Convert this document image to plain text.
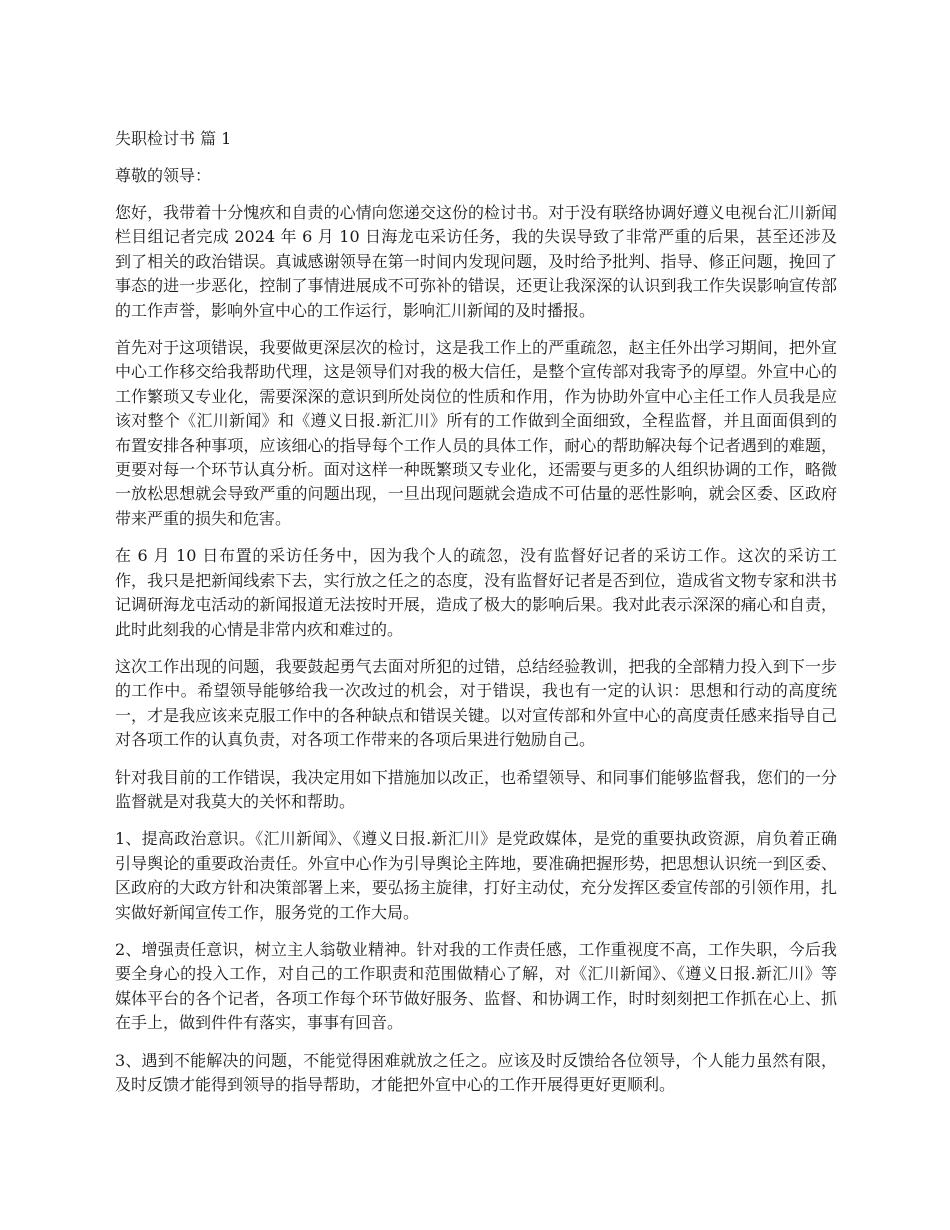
失职检讨书 篇 1

尊敬的领导：

您好，我带着十分愧疚和自责的心情向您递交这份的检讨书。对于没有联络协调好遵义电视台汇川新闻栏目组记者完成 2024 年 6 月 10 日海龙屯采访任务，我的失误导致了非常严重的后果，甚至还涉及到了相关的政治错误。真诚感谢领导在第一时间内发现问题，及时给予批判、指导、修正问题，挽回了事态的进一步恶化，控制了事情进展成不可弥补的错误，还更让我深深的认识到我工作失误影响宣传部的工作声誉，影响外宣中心的工作运行，影响汇川新闻的及时播报。

首先对于这项错误，我要做更深层次的检讨，这是我工作上的严重疏忽，赵主任外出学习期间，把外宣中心工作移交给我帮助代理，这是领导们对我的极大信任，是整个宣传部对我寄予的厚望。外宣中心的工作繁琐又专业化，需要深深的意识到所处岗位的性质和作用，作为协助外宣中心主任工作人员我是应该对整个《汇川新闻》和《遵义日报.新汇川》所有的工作做到全面细致，全程监督，并且面面俱到的布置安排各种事项，应该细心的指导每个工作人员的具体工作，耐心的帮助解决每个记者遇到的难题，更要对每一个环节认真分析。面对这样一种既繁琐又专业化，还需要与更多的人组织协调的工作，略微一放松思想就会导致严重的问题出现，一旦出现问题就会造成不可估量的恶性影响，就会区委、区政府带来严重的损失和危害。

在 6 月 10 日布置的采访任务中，因为我个人的疏忽，没有监督好记者的采访工作。这次的采访工作，我只是把新闻线索下去，实行放之任之的态度，没有监督好记者是否到位，造成省文物专家和洪书记调研海龙屯活动的新闻报道无法按时开展，造成了极大的影响后果。我对此表示深深的痛心和自责，此时此刻我的心情是非常内疚和难过的。

这次工作出现的问题，我要鼓起勇气去面对所犯的过错，总结经验教训，把我的全部精力投入到下一步的工作中。希望领导能够给我一次改过的机会，对于错误，我也有一定的认识：思想和行动的高度统一，才是我应该来克服工作中的各种缺点和错误关键。以对宣传部和外宣中心的高度责任感来指导自己对各项工作的认真负责，对各项工作带来的各项后果进行勉励自己。

针对我目前的工作错误，我决定用如下措施加以改正，也希望领导、和同事们能够监督我，您们的一分监督就是对我莫大的关怀和帮助。

1、提高政治意识。《汇川新闻》、《遵义日报.新汇川》是党政媒体，是党的重要执政资源，肩负着正确引导舆论的重要政治责任。外宣中心作为引导舆论主阵地，要准确把握形势，把思想认识统一到区委、区政府的大政方针和决策部署上来，要弘扬主旋律，打好主动仗，充分发挥区委宣传部的引领作用，扎实做好新闻宣传工作，服务党的工作大局。

2、增强责任意识，树立主人翁敬业精神。针对我的工作责任感，工作重视度不高，工作失职，今后我要全身心的投入工作，对自己的工作职责和范围做精心了解，对《汇川新闻》、《遵义日报.新汇川》等媒体平台的各个记者，各项工作每个环节做好服务、监督、和协调工作，时时刻刻把工作抓在心上、抓在手上，做到件件有落实，事事有回音。

3、遇到不能解决的问题，不能觉得困难就放之任之。应该及时反馈给各位领导，个人能力虽然有限，及时反馈才能得到领导的指导帮助，才能把外宣中心的工作开展得更好更顺利。
